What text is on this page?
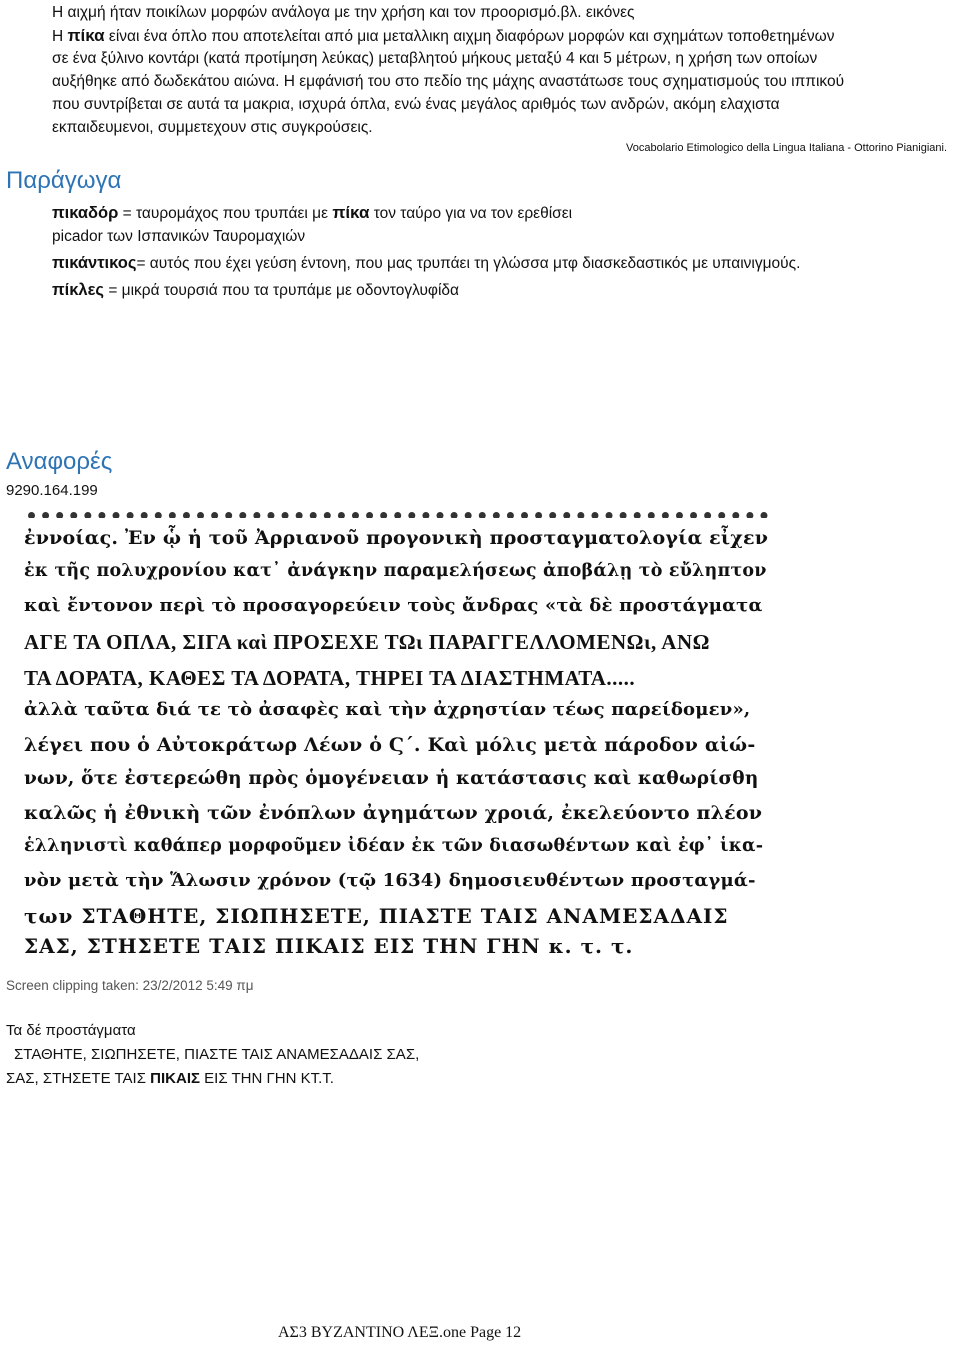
Η αιχμή ήταν ποικίλων μορφών ανάλογα με την χρήση και τον προορισμό.βλ. εικόνες
Η πίκα είναι ένα όπλο που αποτελείται από μια μεταλλικη αιχμη διαφόρων μορφών και σχημάτων τοποθετημένων
σε ένα ξύλινο κοντάρι (κατά προτίμηση λεύκας) μεταβλητού μήκους μεταξύ 4 και 5 μέτρων, η χρήση των οποίων
αυξήθηκε από δωδεκάτου αιώνα. Η εμφάνισή του στο πεδίο της μάχης αναστάτωσε τους σχηματισμούς του ιππικού
που συντρίβεται σε αυτά τα μακρια, ισχυρά όπλα, ενώ ένας μεγάλος αριθμός των ανδρών, ακόμη ελαχιστα
εκπαιδευμενοι, συμμετεχουν στις συγκρούσεις.
Vocabolario Etimologico della Lingua Italiana - Ottorino Pianigiani.
Παράγωγα
πικαδόρ = ταυρομάχος που τρυπάει με πίκα τον ταύρο για να τον ερεθίσει
picador των Ισπανικών Ταυρομαχιών
πικάντικος= αυτός που έχει γεύση έντονη, που μας τρυπάει τη γλώσσα μτφ διασκεδαστικός με υπαινιγμούς.
πίκλες = μικρά τουρσιά που τα τρυπάμε με οδοντογλυφίδα
Αναφορές
9290.164.199
ἐννοίας. Ἐν ᾧ ἡ τοῦ Ἀρριανοῦ προγονικὴ προσταγματολογία εἶχεν
ἐκ τῆς πολυχρονίου κατ᾽ ἀνάγκην παραμελήσεως ἀποβάλῃ τὸ εὔληπτον
καὶ ἔντονον περὶ τὸ προσαγορεύειν τοὺς ἄνδρας «τὰ δὲ προστάγματα
ΑΓΕ ΤΑ ΟΠΛΑ, ΣΙΓΑ καὶ ΠΡΟΣΕΧΕ ΤΩι ΠΑΡΑΓΓΕΛΛΟΜΕΝΩι, ΑΝΩ
ΤΑ ΔΟΡΑΤΑ, ΚΑΘΕΣ ΤΑ ΔΟΡΑΤΑ, ΤΗΡΕΙ ΤΑ ΔΙΑΣΤΗΜΑΤΑ.....
ἀλλὰ ταῦτα διά τε τὸ ἀσαφὲς καὶ τὴν ἀχρηστίαν τέως παρείδομεν»,
λέγει που ὁ Αὐτοκράτωρ Λέων ὁ Ϛ΄. Καὶ μόλις μετὰ πάροδον αἰώ-
νων, ὅτε ἐστερεώθη πρὸς ὁμογένειαν ἡ κατάστασις καὶ καθωρίσθη
καλῶς ἡ ἐθνικὴ τῶν ἐνόπλων ἀγημάτων χροιά, ἐκελεύοντο πλέον
ἑλληνιστὶ καθάπερ μορφοῦμεν ἰδέαν ἐκ τῶν διασωθέντων καὶ ἐφ᾽ ἱκα-
νὸν μετὰ τὴν Ἅλωσιν χρόνον (τῷ 1634) δημοσιευθέντων προσταγμά-
των ΣΤΑΘΗΤΕ, ΣΙΩΠΗΣΕΤΕ, ΠΙΑΣΤΕ ΤΑΙΣ ΑΝΑΜΕΣΑΔΑΙΣ
ΣΑΣ, ΣΤΗΣΕΤΕ ΤΑΙΣ ΠΙΚΑΙΣ ΕΙΣ ΤΗΝ ΓΗΝ κ. τ. τ.
Screen clipping taken: 23/2/2012 5:49 πμ
Τα δέ προστάγματα
ΣΤΑΘΗΤΕ, ΣΙΩΠΗΣΕΤΕ, ΠΙΑΣΤΕ ΤΑΙΣ ΑΝΑΜΕΣΑΔΑΙΣ ΣΑΣ,
ΣΑΣ, ΣΤΗΣΕΤΕ ΤΑΙΣ ΠΙΚΑΙΣ ΕΙΣ ΤΗΝ ΓΗΝ ΚΤ.Τ.
ΑΣ3 ΒΥΖΑΝΤΙΝΟ ΛΕΞ.one Page 12
